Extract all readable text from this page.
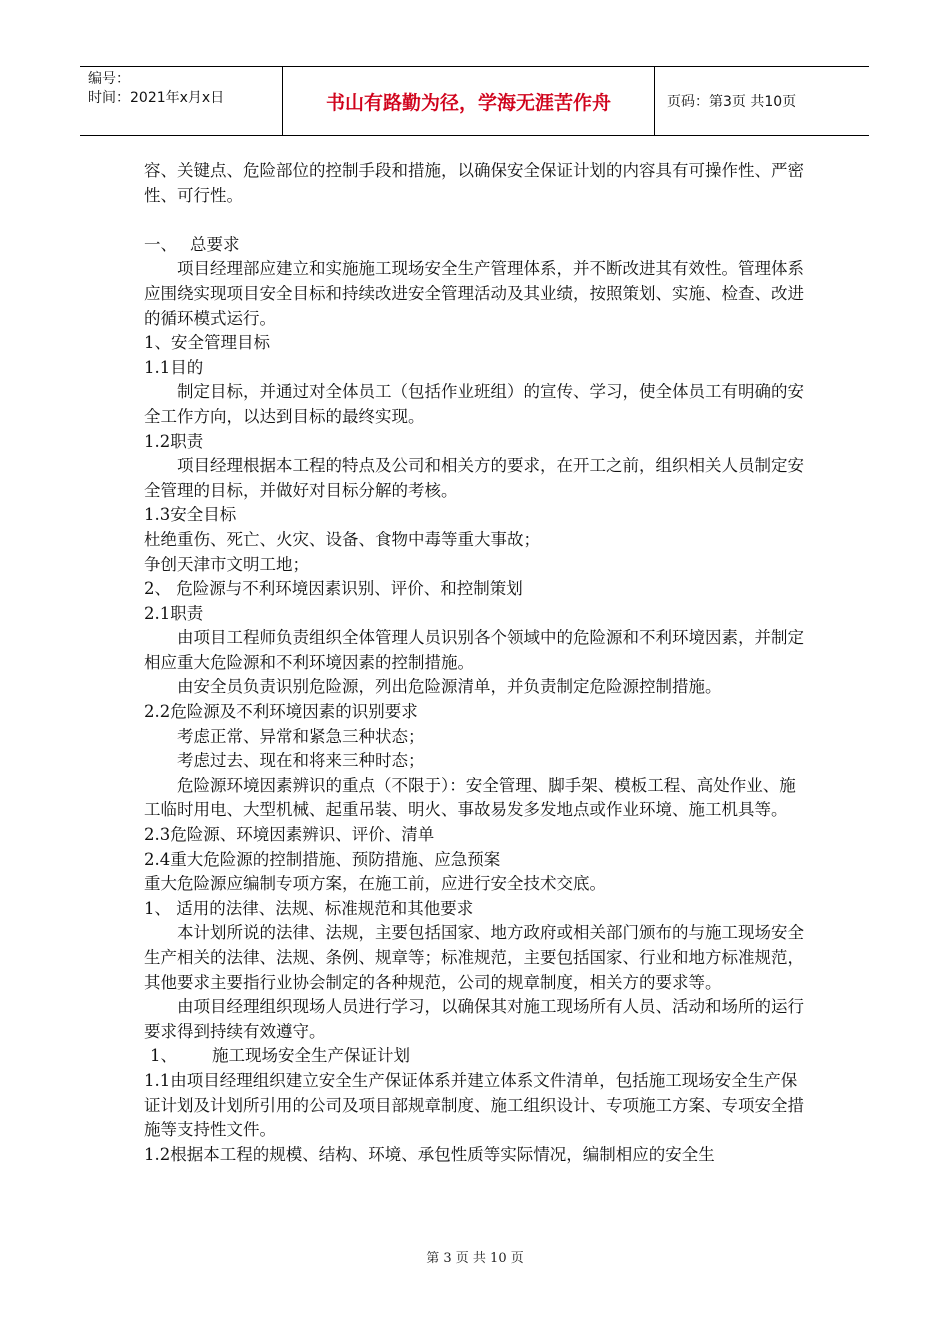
编号：
时间：2021年x月x日	书山有路勤为径，学海无涯苦作舟	页码：第3页 共10页

容、关键点、危险部位的控制手段和措施，以确保安全保证计划的内容具有可操作性、严密性、可行性。

一、 总要求

项目经理部应建立和实施施工现场安全生产管理体系，并不断改进其有效性。管理体系应围绕实现项目安全目标和持续改进安全管理活动及其业绩，按照策划、实施、检查、改进的循环模式运行。

1、安全管理目标

1.1目的

制定目标，并通过对全体员工（包括作业班组）的宣传、学习，使全体员工有明确的安全工作方向，以达到目标的最终实现。

1.2职责

项目经理根据本工程的特点及公司和相关方的要求，在开工之前，组织相关人员制定安全管理的目标，并做好对目标分解的考核。

1.3安全目标

杜绝重伤、死亡、火灾、设备、食物中毒等重大事故；

争创天津市文明工地；

2、 危险源与不利环境因素识别、评价、和控制策划

2.1职责

由项目工程师负责组织全体管理人员识别各个领域中的危险源和不利环境因素，并制定相应重大危险源和不利环境因素的控制措施。

由安全员负责识别危险源，列出危险源清单，并负责制定危险源控制措施。

2.2危险源及不利环境因素的识别要求

考虑正常、异常和紧急三种状态；

考虑过去、现在和将来三种时态；

危险源环境因素辨识的重点（不限于）：安全管理、脚手架、模板工程、高处作业、施工临时用电、大型机械、起重吊装、明火、事故易发多发地点或作业环境、施工机具等。

2.3危险源、环境因素辨识、评价、清单

2.4重大危险源的控制措施、预防措施、应急预案

重大危险源应编制专项方案，在施工前，应进行安全技术交底。

1、 适用的法律、法规、标准规范和其他要求

本计划所说的法律、法规，主要包括国家、地方政府或相关部门颁布的与施工现场安全生产相关的法律、法规、条例、规章等；标准规范，主要包括国家、行业和地方标准规范，其他要求主要指行业协会制定的各种规范，公司的规章制度，相关方的要求等。

由项目经理组织现场人员进行学习，以确保其对施工现场所有人员、活动和场所的运行要求得到持续有效遵守。

1、 施工现场安全生产保证计划

1.1由项目经理组织建立安全生产保证体系并建立体系文件清单，包括施工现场安全生产保证计划及计划所引用的公司及项目部规章制度、施工组织设计、专项施工方案、专项安全措施等支持性文件。

1.2根据本工程的规模、结构、环境、承包性质等实际情况，编制相应的安全生

第 3 页 共 10 页
